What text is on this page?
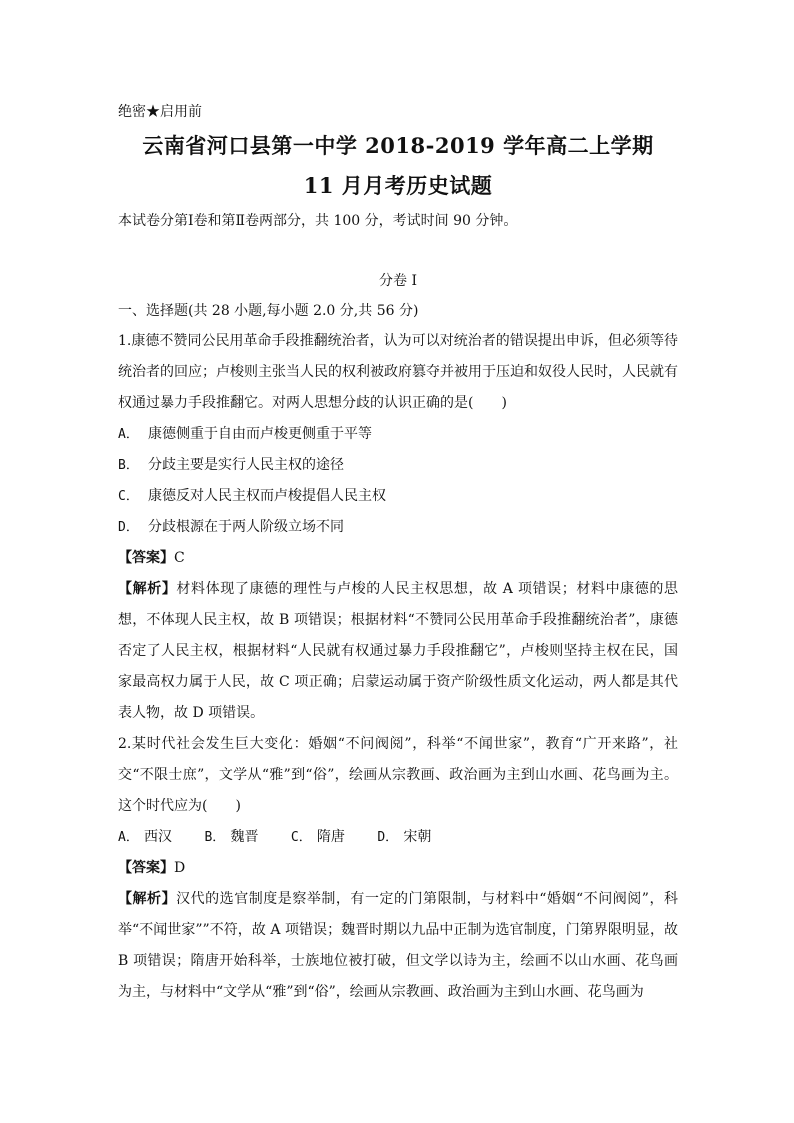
绝密★启用前

云南省河口县第一中学 2018-2019 学年高二上学期
11 月月考历史试题

本试卷分第Ⅰ卷和第Ⅱ卷两部分，共 100 分，考试时间 90 分钟。

分卷 I

一、选择题(共 28 小题,每小题 2.0 分,共 56 分)

1.康德不赞同公民用革命手段推翻统治者，认为可以对统治者的错误提出申诉，但必须等待统治者的回应；卢梭则主张当人民的权利被政府篡夺并被用于压迫和奴役人民时，人民就有权通过暴力手段推翻它。对两人思想分歧的认识正确的是(　　)

A． 康德侧重于自由而卢梭更侧重于平等

B． 分歧主要是实行人民主权的途径

C． 康德反对人民主权而卢梭提倡人民主权

D． 分歧根源在于两人阶级立场不同

【答案】C

【解析】材料体现了康德的理性与卢梭的人民主权思想，故 A 项错误；材料中康德的思想，不体现人民主权，故 B 项错误；根据材料“不赞同公民用革命手段推翻统治者”，康德否定了人民主权，根据材料“人民就有权通过暴力手段推翻它”，卢梭则坚持主权在民，国家最高权力属于人民，故 C 项正确；启蒙运动属于资产阶级性质文化运动，两人都是其代表人物，故 D 项错误。

2.某时代社会发生巨大变化：婚姻“不问阀阅”，科举“不闻世家”，教育“广开来路”，社交“不限士庶”，文学从“雅”到“俗”，绘画从宗教画、政治画为主到山水画、花鸟画为主。这个时代应为(　　)

A． 西汉 B． 魏晋 C． 隋唐 D． 宋朝

【答案】D

【解析】汉代的选官制度是察举制，有一定的门第限制，与材料中“婚姻“不问阀阅”，科举“不闻世家””不符，故 A 项错误；魏晋时期以九品中正制为选官制度，门第界限明显，故 B 项错误；隋唐开始科举，士族地位被打破，但文学以诗为主，绘画不以山水画、花鸟画为主，与材料中“文学从“雅”到“俗”，绘画从宗教画、政治画为主到山水画、花鸟画为
